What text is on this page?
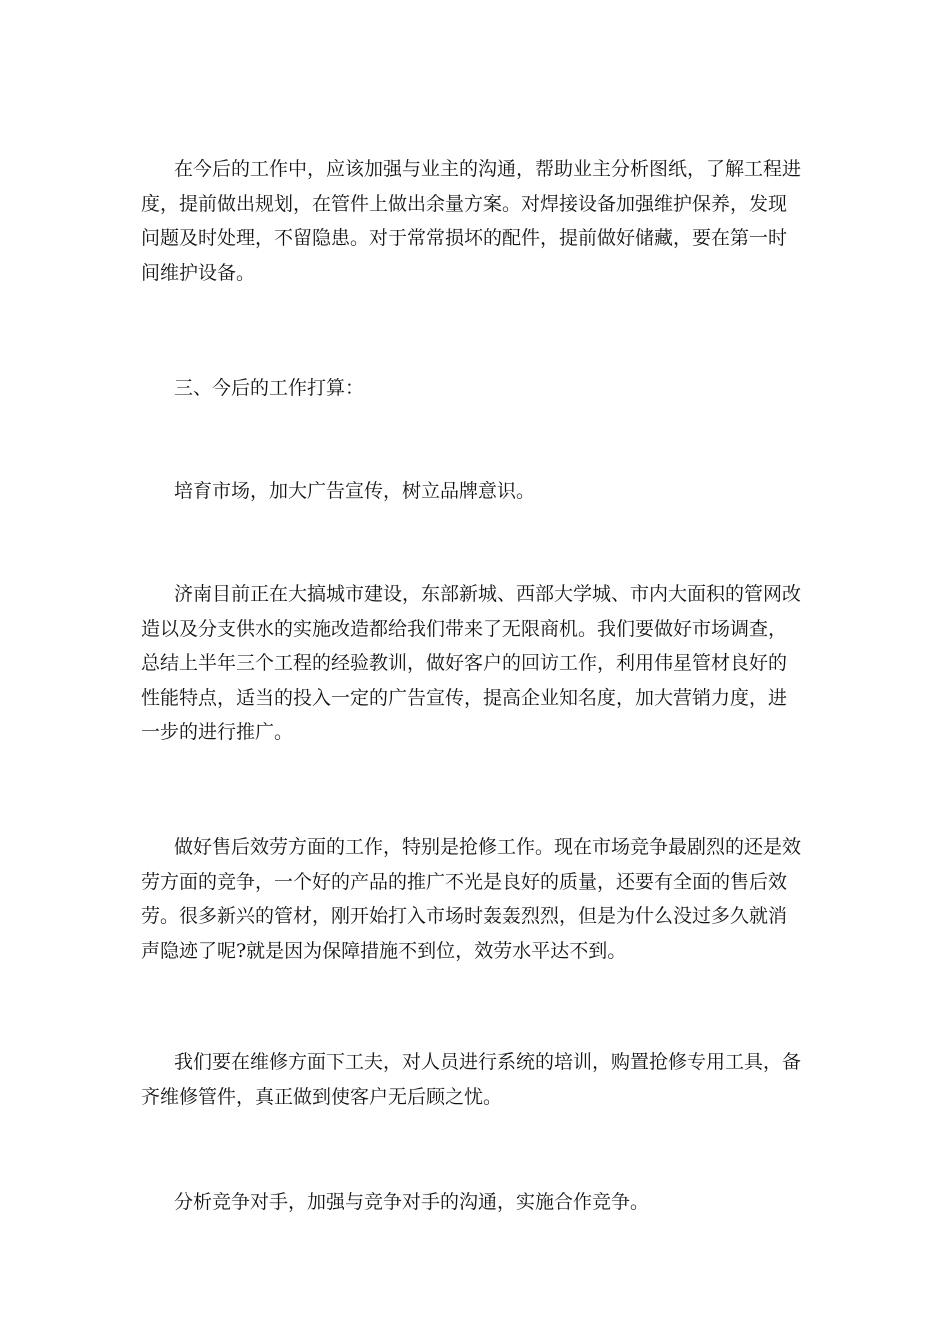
在今后的工作中，应该加强与业主的沟通，帮助业主分析图纸，了解工程进
度，提前做出规划，在管件上做出余量方案。对焊接设备加强维护保养，发现
问题及时处理，不留隐患。对于常常损坏的配件，提前做好储藏，要在第一时
间维护设备。
三、今后的工作打算：
培育市场，加大广告宣传，树立品牌意识。
济南目前正在大搞城市建设，东部新城、西部大学城、市内大面积的管网改
造以及分支供水的实施改造都给我们带来了无限商机。我们要做好市场调查，
总结上半年三个工程的经验教训，做好客户的回访工作，利用伟星管材良好的
性能特点，适当的投入一定的广告宣传，提高企业知名度，加大营销力度，进
一步的进行推广。
做好售后效劳方面的工作，特别是抢修工作。现在市场竞争最剧烈的还是效
劳方面的竞争，一个好的产品的推广不光是良好的质量，还要有全面的售后效
劳。很多新兴的管材，刚开始打入市场时轰轰烈烈，但是为什么没过多久就消
声隐迹了呢?就是因为保障措施不到位，效劳水平达不到。
我们要在维修方面下工夫，对人员进行系统的培训，购置抢修专用工具，备
齐维修管件，真正做到使客户无后顾之忧。
分析竞争对手，加强与竞争对手的沟通，实施合作竞争。
